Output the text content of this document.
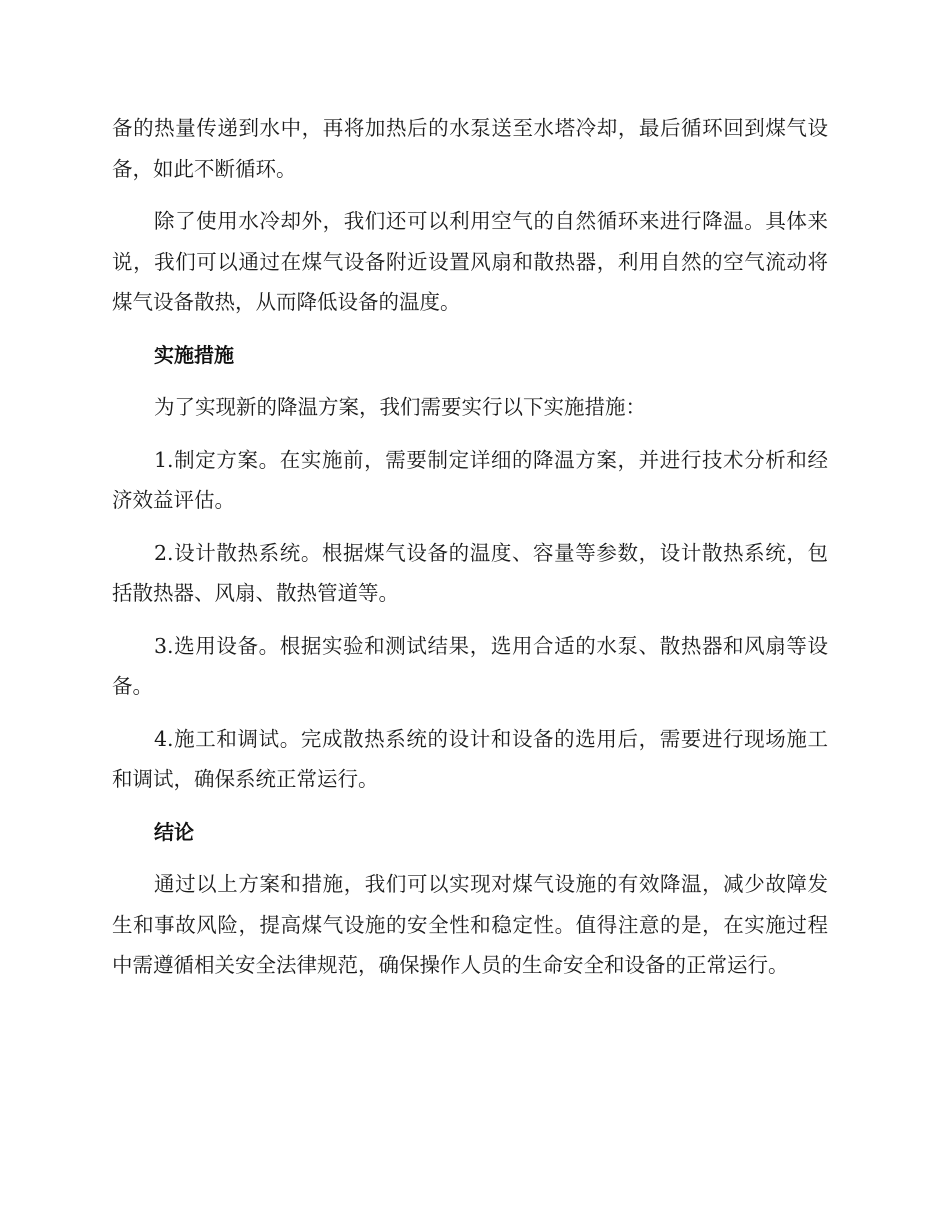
备的热量传递到水中，再将加热后的水泵送至水塔冷却，最后循环回到煤气设备，如此不断循环。

除了使用水冷却外，我们还可以利用空气的自然循环来进行降温。具体来说，我们可以通过在煤气设备附近设置风扇和散热器，利用自然的空气流动将煤气设备散热，从而降低设备的温度。

实施措施

为了实现新的降温方案，我们需要实行以下实施措施：

1.制定方案。在实施前，需要制定详细的降温方案，并进行技术分析和经济效益评估。

2.设计散热系统。根据煤气设备的温度、容量等参数，设计散热系统，包括散热器、风扇、散热管道等。

3.选用设备。根据实验和测试结果，选用合适的水泵、散热器和风扇等设备。

4.施工和调试。完成散热系统的设计和设备的选用后，需要进行现场施工和调试，确保系统正常运行。

结论

通过以上方案和措施，我们可以实现对煤气设施的有效降温，减少故障发生和事故风险，提高煤气设施的安全性和稳定性。值得注意的是，在实施过程中需遵循相关安全法律规范，确保操作人员的生命安全和设备的正常运行。
